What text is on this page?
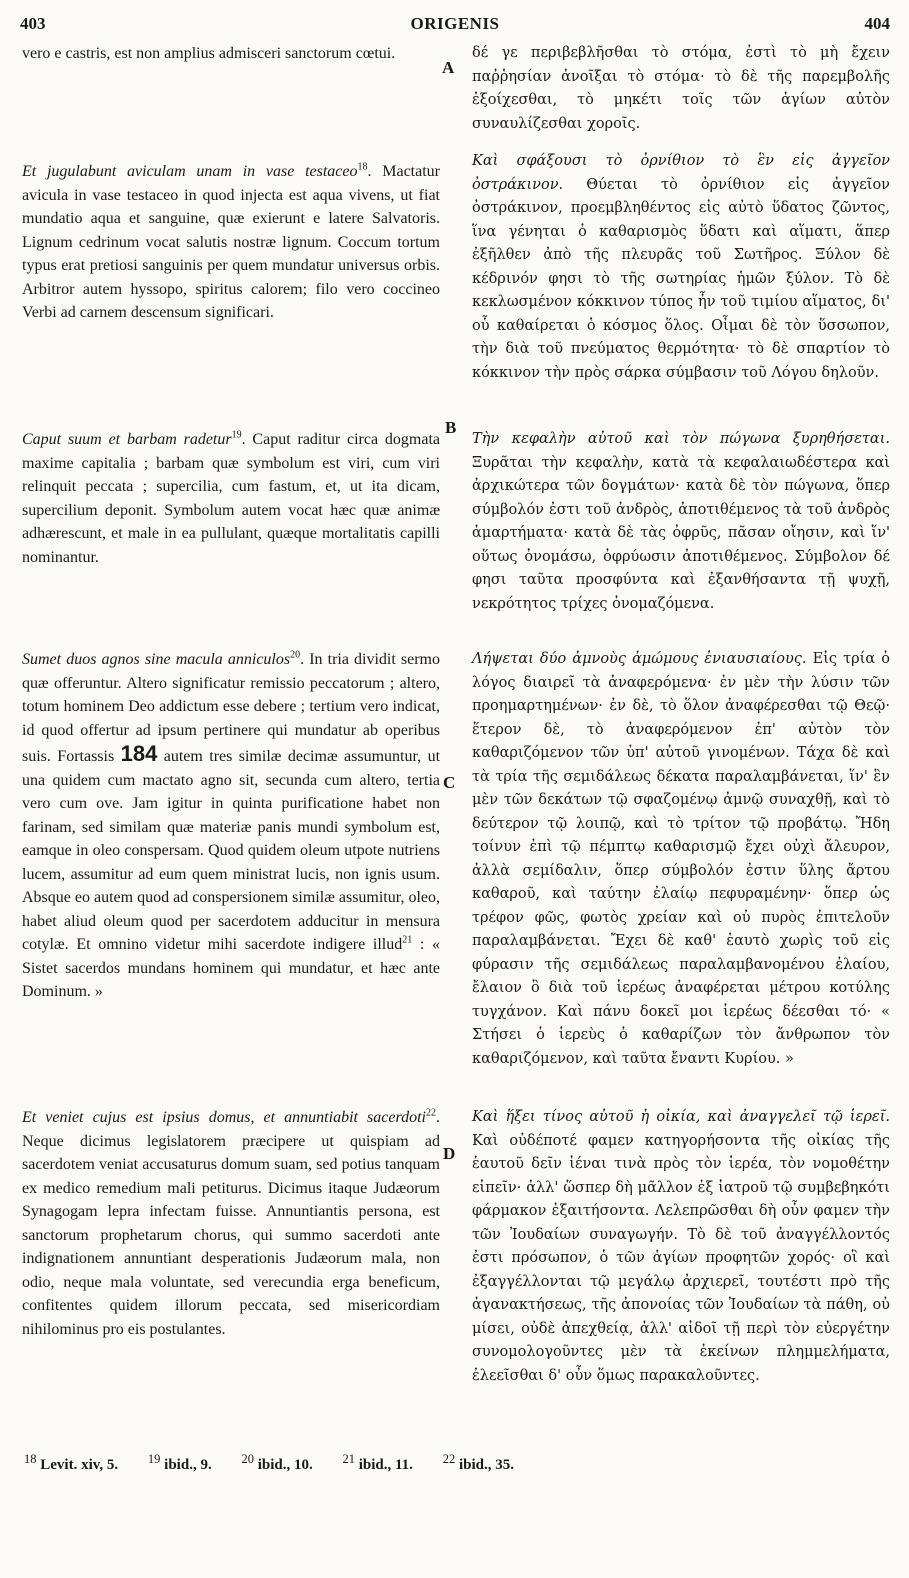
403	ORIGENIS	404
A
B
C
D

vero e castris, est non amplius admisceri sanctorum cœtui.

Et jugulabunt aviculam unam in vase testaceo$^{18}$. Mactatur avicula in vase testaceo in quod injecta est aqua vivens, ut fiat mundatio aqua et sanguine, quæ exierunt e latere Salvatoris. Lignum cedrinum vocat salutis nostræ lignum. Coccum tortum typus erat pretiosi sanguinis per quem mundatur universus orbis. Arbitror autem hyssopo, spiritus calorem; filo vero coccineo Verbi ad carnem descensum significari.

Caput suum et barbam radetur$^{19}$. Caput raditur circa dogmata maxime capitalia ; barbam quæ symbolum est viri, cum viri relinquit peccata ; supercilia, cum fastum, et, ut ita dicam, supercilium deponit. Symbolum autem vocat hæc quæ animæ adhærescunt, et male in ea pullulant, quæque mortalitatis capilli nominantur.

Sumet duos agnos sine macula anniculos$^{20}$. In tria dividit sermo quæ offeruntur. Altero significatur remissio peccatorum ; altero, totum hominem Deo addictum esse debere ; tertium vero indicat, id quod offertur ad ipsum pertinere qui mundatur ab operibus suis. Fortassis 184 autem tres similæ decimæ assumuntur, ut una quidem cum mactato agno sit, secunda cum altero, tertia vero cum ove. Jam igitur in quinta purificatione habet non farinam, sed similam quæ materiæ panis mundi symbolum est, eamque in oleo conspersam. Quod quidem oleum utpote nutriens lucem, assumitur ad eum quem ministrat lucis, non ignis usum. Absque eo autem quod ad conspersionem similæ assumitur, oleo, habet aliud oleum quod per sacerdotem adducitur in mensura cotylæ. Et omnino videtur mihi sacerdote indigere illud$^{21}$ : « Sistet sacerdos mundans hominem qui mundatur, et hæc ante Dominum. »

Et veniet cujus est ipsius domus, et annuntiabit sacerdoti$^{22}$. Neque dicimus legislatorem præcipere ut quispiam ad sacerdotem veniat accusaturus domum suam, sed potius tanquam ex medico remedium mali petiturus. Dicimus itaque Judæorum Synagogam lepra infectam fuisse. Annuntiantis persona, est sanctorum prophetarum chorus, qui summo sacerdoti ante indignationem annuntiant desperationis Judæorum mala, non odio, neque mala voluntate, sed verecundia erga beneficum, confitentes quidem illorum peccata, sed misericordiam nihilominus pro eis postulantes.

δέ γε περιβεβλῆσθαι τὸ στόμα, ἐστὶ τὸ μὴ ἔχειν παῤῥησίαν ἀνοῖξαι τὸ στόμα· τὸ δὲ τῆς παρεμβολῆς ἐξοίχεσθαι, τὸ μηκέτι τοῖς τῶν ἁγίων αὐτὸν συναυλίζεσθαι χοροῖς.

Καὶ σφάξουσι τὸ ὀρνίθιον τὸ ἓν εἰς ἀγγεῖον ὀστράκινον. Θύεται τὸ ὀρνίθιον εἰς ἀγγεῖον ὀστράκινον, προεμβληθέντος εἰς αὐτὸ ὕδατος ζῶντος, ἵνα γένηται ὁ καθαρισμὸς ὕδατι καὶ αἵματι, ἅπερ ἐξῆλθεν ἀπὸ τῆς πλευρᾶς τοῦ Σωτῆρος. Ξύλον δὲ κέδρινόν φησι τὸ τῆς σωτηρίας ἡμῶν ξύλον. Τὸ δὲ κεκλωσμένον κόκκινον τύπος ἦν τοῦ τιμίου αἵματος, δι' οὗ καθαίρεται ὁ κόσμος ὅλος. Οἶμαι δὲ τὸν ὕσσωπον, τὴν διὰ τοῦ πνεύματος θερμότητα· τὸ δὲ σπαρτίον τὸ κόκκινον τὴν πρὸς σάρκα σύμβασιν τοῦ Λόγου δηλοῦν.

Τὴν κεφαλὴν αὐτοῦ καὶ τὸν πώγωνα ξυρηθήσεται. Ξυρᾶται τὴν κεφαλὴν, κατὰ τὰ κεφαλαιωδέστερα καὶ ἀρχικώτερα τῶν δογμάτων· κατὰ δὲ τὸν πώγωνα, ὅπερ σύμβολόν ἐστι τοῦ ἀνδρὸς, ἀποτιθέμενος τὰ τοῦ ἀνδρὸς ἁμαρτήματα· κατὰ δὲ τὰς ὀφρῦς, πᾶσαν οἴησιν, καὶ ἵν' οὕτως ὀνομάσω, ὀφρύωσιν ἀποτιθέμενος. Σύμβολον δέ φησι ταῦτα προσφύντα καὶ ἐξανθήσαντα τῇ ψυχῇ, νεκρότητος τρίχες ὀνομαζόμενα.

Λήψεται δύο ἀμνοὺς ἀμώμους ἐνιαυσιαίους. Εἰς τρία ὁ λόγος διαιρεῖ τὰ ἀναφερόμενα· ἐν μὲν τὴν λύσιν τῶν προημαρτημένων· ἐν δὲ, τὸ ὅλον ἀναφέρεσθαι τῷ Θεῷ· ἕτερον δὲ, τὸ ἀναφερόμενον ἐπ' αὐτὸν τὸν καθαριζόμενον τῶν ὑπ' αὐτοῦ γινομένων. Τάχα δὲ καὶ τὰ τρία τῆς σεμιδάλεως δέκατα παραλαμβάνεται, ἵν' ἓν μὲν τῶν δεκάτων τῷ σφαζομένῳ ἀμνῷ συναχθῇ, καὶ τὸ δεύτερον τῷ λοιπῷ, καὶ τὸ τρίτον τῷ προβάτῳ. Ἤδη τοίνυν ἐπὶ τῷ πέμπτῳ καθαρισμῷ ἔχει οὐχὶ ἄλευρον, ἀλλὰ σεμίδαλιν, ὅπερ σύμβολόν ἐστιν ὕλης ἄρτου καθαροῦ, καὶ ταύτην ἐλαίῳ πεφυραμένην· ὅπερ ὡς τρέφον φῶς, φωτὸς χρείαν καὶ οὐ πυρὸς ἐπιτελοῦν παραλαμβάνεται. Ἔχει δὲ καθ' ἑαυτὸ χωρὶς τοῦ εἰς φύρασιν τῆς σεμιδάλεως παραλαμβανομένου ἐλαίου, ἔλαιον ὃ διὰ τοῦ ἱερέως ἀναφέρεται μέτρου κοτύλης τυγχάνον. Καὶ πάνυ δοκεῖ μοι ἱερέως δέεσθαι τό· « Στήσει ὁ ἱερεὺς ὁ καθαρίζων τὸν ἄνθρωπον τὸν καθαριζόμενον, καὶ ταῦτα ἔναντι Κυρίου. »

Καὶ ἥξει τίνος αὐτοῦ ἡ οἰκία, καὶ ἀναγγελεῖ τῷ ἱερεῖ. Καὶ οὐδέποτέ φαμεν κατηγορήσοντα τῆς οἰκίας τῆς ἑαυτοῦ δεῖν ἰέναι τινὰ πρὸς τὸν ἱερέα, τὸν νομοθέτην εἰπεῖν· ἀλλ' ὥσπερ δὴ μᾶλλον ἐξ ἰατροῦ τῷ συμβεβηκότι φάρμακον ἐξαιτήσοντα. Λελεπρῶσθαι δὴ οὖν φαμεν τὴν τῶν Ἰουδαίων συναγωγήν. Τὸ δὲ τοῦ ἀναγγέλλοντός ἐστι πρόσωπον, ὁ τῶν ἁγίων προφητῶν χορός· οἳ καὶ ἐξαγγέλλονται τῷ μεγάλῳ ἀρχιερεῖ, τουτέστι πρὸ τῆς ἀγανακτήσεως, τῆς ἀπονοίας τῶν Ἰουδαίων τὰ πάθη, οὐ μίσει, οὐδὲ ἀπεχθείᾳ, ἀλλ' αἰδοῖ τῇ περὶ τὸν εὐεργέτην συνομολογοῦντες μὲν τὰ ἐκείνων πλημμελήματα, ἐλεεῖσθαι δ' οὖν ὅμως παρακαλοῦντες.

$^{18}$ Levit. xiv, 5. $^{19}$ ibid., 9. $^{20}$ ibid., 10. $^{21}$ ibid., 11. $^{22}$ ibid., 35.
